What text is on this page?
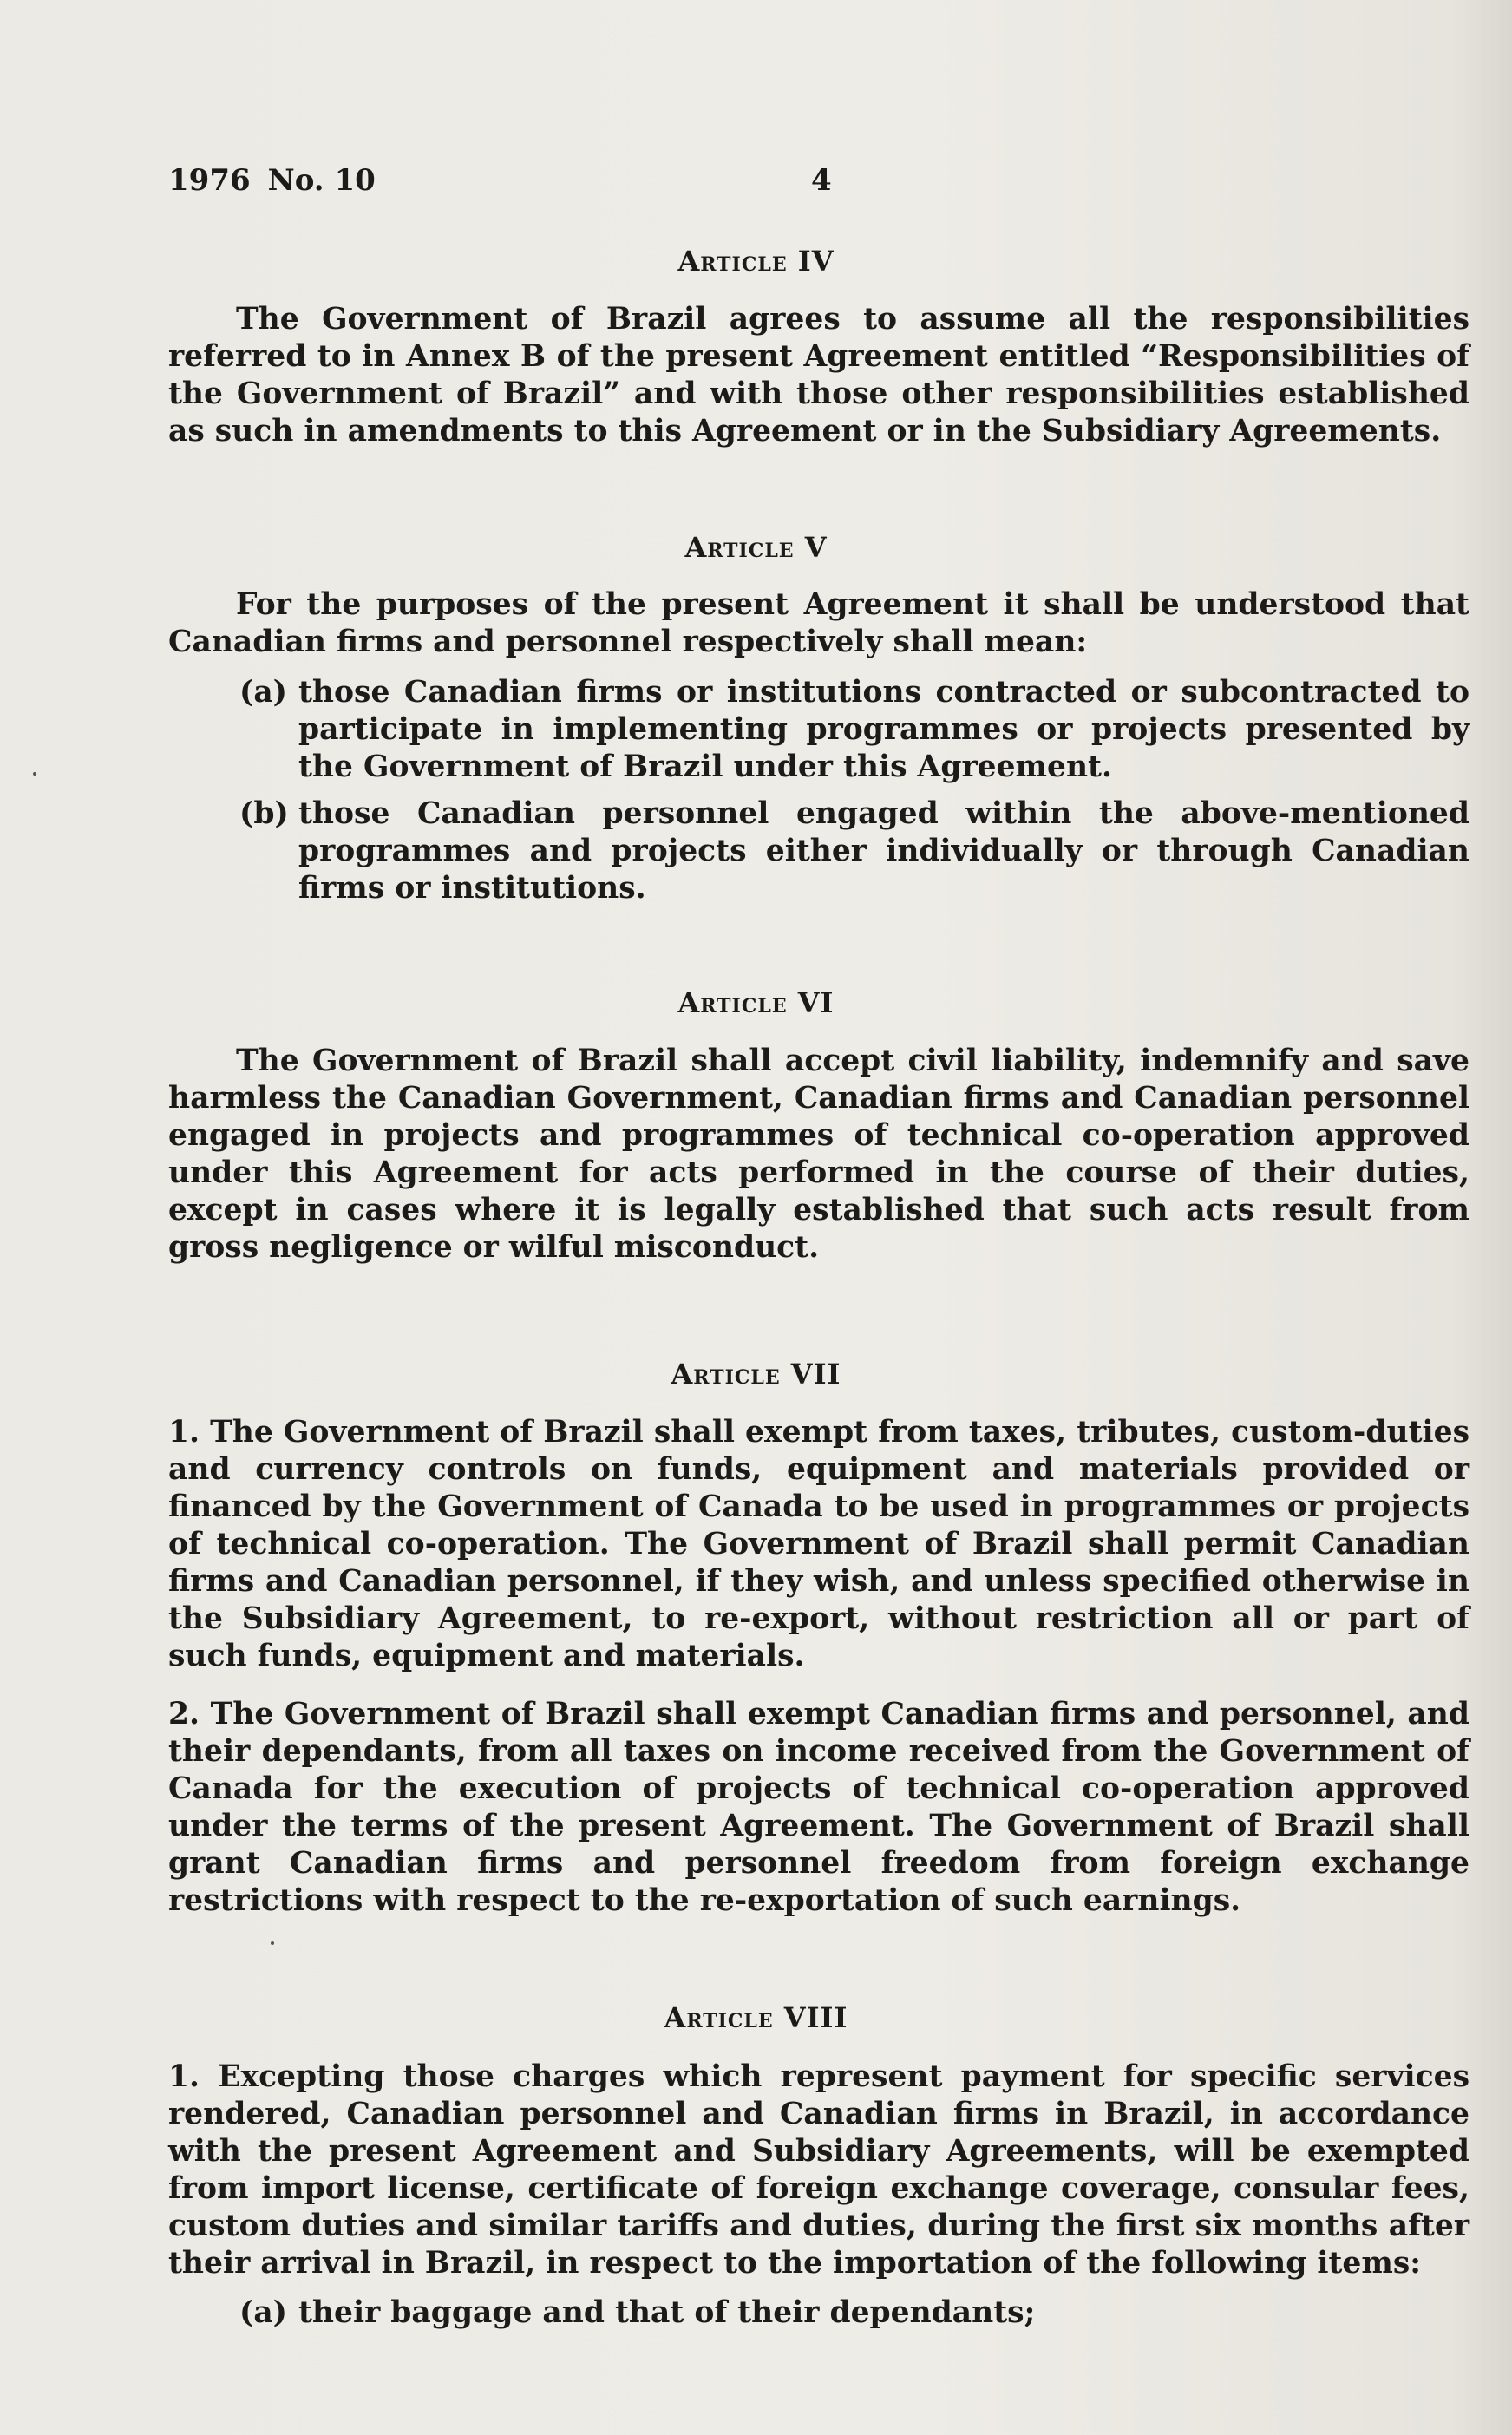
1976 No. 10	4
Article IV
The Government of Brazil agrees to assume all the responsibilities referred to in Annex B of the present Agreement entitled “Responsibilities of the Government of Brazil” and with those other responsibilities established as such in amendments to this Agreement or in the Subsidiary Agreements.
Article V
For the purposes of the present Agreement it shall be understood that Canadian firms and personnel respectively shall mean:
(a) those Canadian firms or institutions contracted or subcontracted to participate in implementing programmes or projects presented by the Government of Brazil under this Agreement.
(b) those Canadian personnel engaged within the above-mentioned programmes and projects either individually or through Canadian firms or institutions.
Article VI
The Government of Brazil shall accept civil liability, indemnify and save harmless the Canadian Government, Canadian firms and Canadian personnel engaged in projects and programmes of technical co-operation approved under this Agreement for acts performed in the course of their duties, except in cases where it is legally established that such acts result from gross negligence or wilful misconduct.
Article VII
1. The Government of Brazil shall exempt from taxes, tributes, custom-duties and currency controls on funds, equipment and materials provided or financed by the Government of Canada to be used in programmes or projects of technical co-operation. The Government of Brazil shall permit Canadian firms and Canadian personnel, if they wish, and unless specified otherwise in the Subsidiary Agreement, to re-export, without restriction all or part of such funds, equipment and materials.
2. The Government of Brazil shall exempt Canadian firms and personnel, and their dependants, from all taxes on income received from the Government of Canada for the execution of projects of technical co-operation approved under the terms of the present Agreement. The Government of Brazil shall grant Canadian firms and personnel freedom from foreign exchange restrictions with respect to the re-exportation of such earnings.
Article VIII
1. Excepting those charges which represent payment for specific services rendered, Canadian personnel and Canadian firms in Brazil, in accordance with the present Agreement and Subsidiary Agreements, will be exempted from import license, certificate of foreign exchange coverage, consular fees, custom duties and similar tariffs and duties, during the first six months after their arrival in Brazil, in respect to the importation of the following items:
(a) their baggage and that of their dependants;
